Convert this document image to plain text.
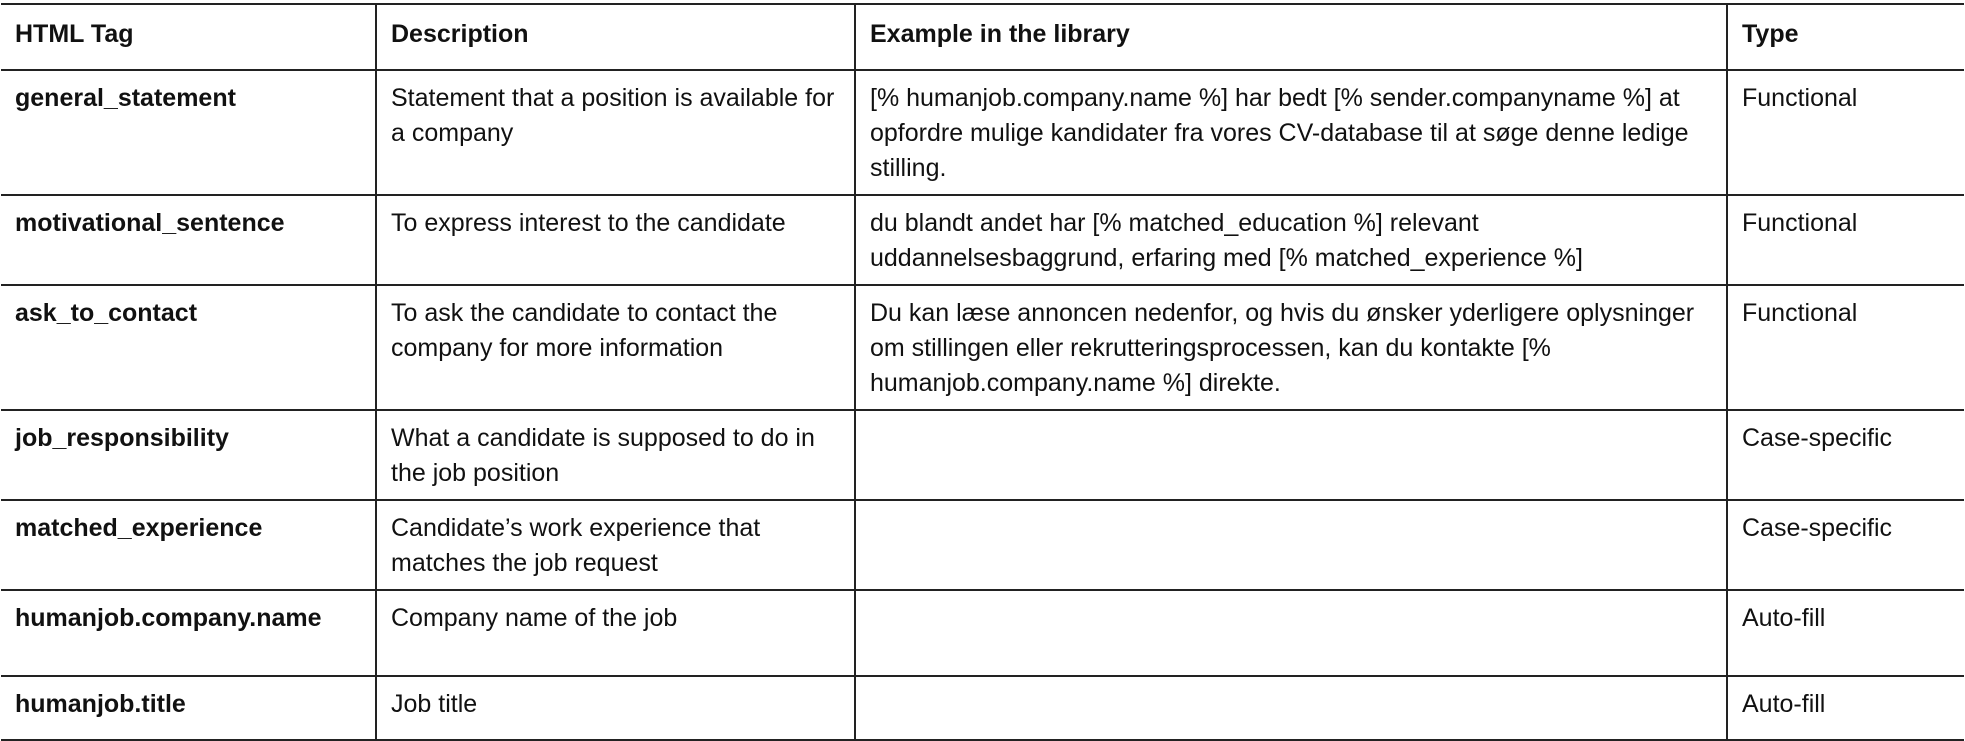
HTML Tag	Description	Example in the library	Type
general_statement	Statement that a position is available for a company	[% humanjob.company.name %] har bedt [% sender.companyname %] at opfordre mulige kandidater fra vores CV-database til at søge denne ledige stilling.	Functional
motivational_sentence	To express interest to the candidate	du blandt andet har [% matched_education %] relevant uddannelsesbaggrund, erfaring med [% matched_experience %]	Functional
ask_to_contact	To ask the candidate to contact the company for more information	Du kan læse annoncen nedenfor, og hvis du ønsker yderligere oplysninger om stillingen eller rekrutteringsprocessen, kan du kontakte [% humanjob.company.name %] direkte.	Functional
job_responsibility	What a candidate is supposed to do in the job position		Case-specific
matched_experience	Candidate’s work experience that matches the job request		Case-specific
humanjob.company.name	Company name of the job		Auto-fill
humanjob.title	Job title		Auto-fill
